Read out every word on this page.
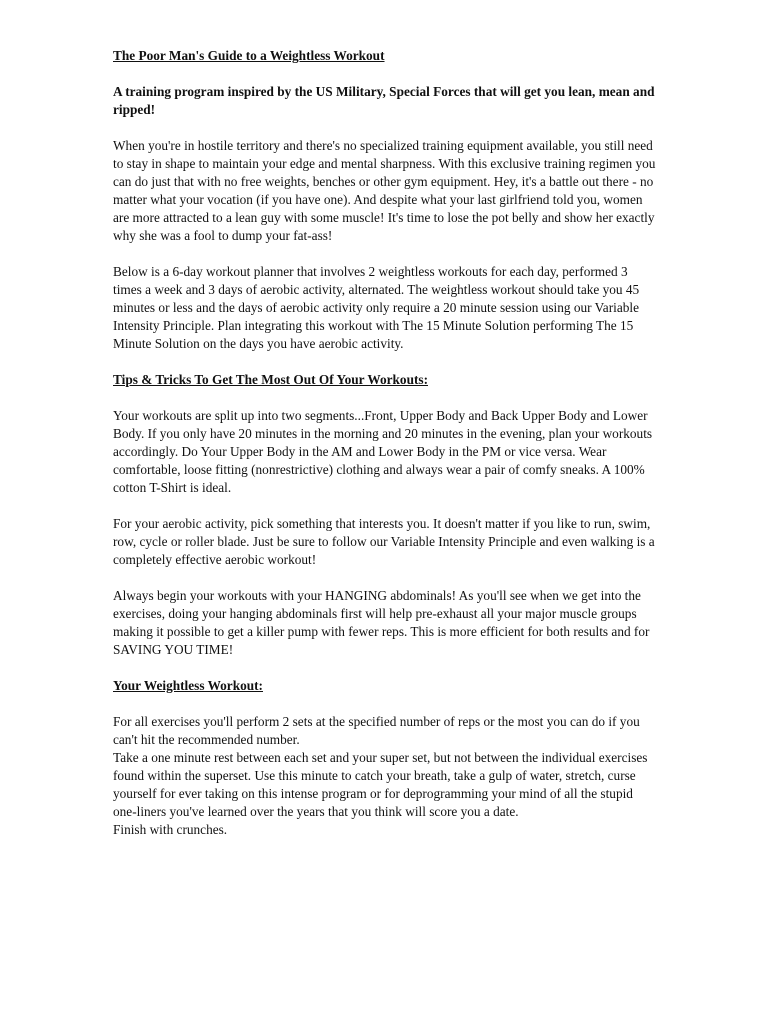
The Poor Man's Guide to a Weightless Workout

A training program inspired by the US Military, Special Forces that will get you lean, mean and ripped!

When you're in hostile territory and there's no specialized training equipment available, you still need to stay in shape to maintain your edge and mental sharpness. With this exclusive training regimen you can do just that with no free weights, benches or other gym equipment. Hey, it's a battle out there - no matter what your vocation (if you have one). And despite what your last girlfriend told you, women are more attracted to a lean guy with some muscle! It's time to lose the pot belly and show her exactly why she was a fool to dump your fat-ass!

Below is a 6-day workout planner that involves 2 weightless workouts for each day, performed 3 times a week and 3 days of aerobic activity, alternated. The weightless workout should take you 45 minutes or less and the days of aerobic activity only require a 20 minute session using our Variable Intensity Principle. Plan integrating this workout with The 15 Minute Solution performing The 15 Minute Solution on the days you have aerobic activity.

Tips & Tricks To Get The Most Out Of Your Workouts:

Your workouts are split up into two segments...Front, Upper Body and Back Upper Body and Lower Body. If you only have 20 minutes in the morning and 20 minutes in the evening, plan your workouts accordingly. Do Your Upper Body in the AM and Lower Body in the PM or vice versa. Wear comfortable, loose fitting (nonrestrictive) clothing and always wear a pair of comfy sneaks. A 100% cotton T-Shirt is ideal.

For your aerobic activity, pick something that interests you. It doesn't matter if you like to run, swim, row, cycle or roller blade. Just be sure to follow our Variable Intensity Principle and even walking is a completely effective aerobic workout!

Always begin your workouts with your HANGING abdominals! As you'll see when we get into the exercises, doing your hanging abdominals first will help pre-exhaust all your major muscle groups making it possible to get a killer pump with fewer reps. This is more efficient for both results and for SAVING YOU TIME!

Your Weightless Workout:

For all exercises you'll perform 2 sets at the specified number of reps or the most you can do if you can't hit the recommended number.

Take a one minute rest between each set and your super set, but not between the individual exercises found within the superset. Use this minute to catch your breath, take a gulp of water, stretch, curse yourself for ever taking on this intense program or for deprogramming your mind of all the stupid one-liners you've learned over the years that you think will score you a date.

Finish with crunches.
